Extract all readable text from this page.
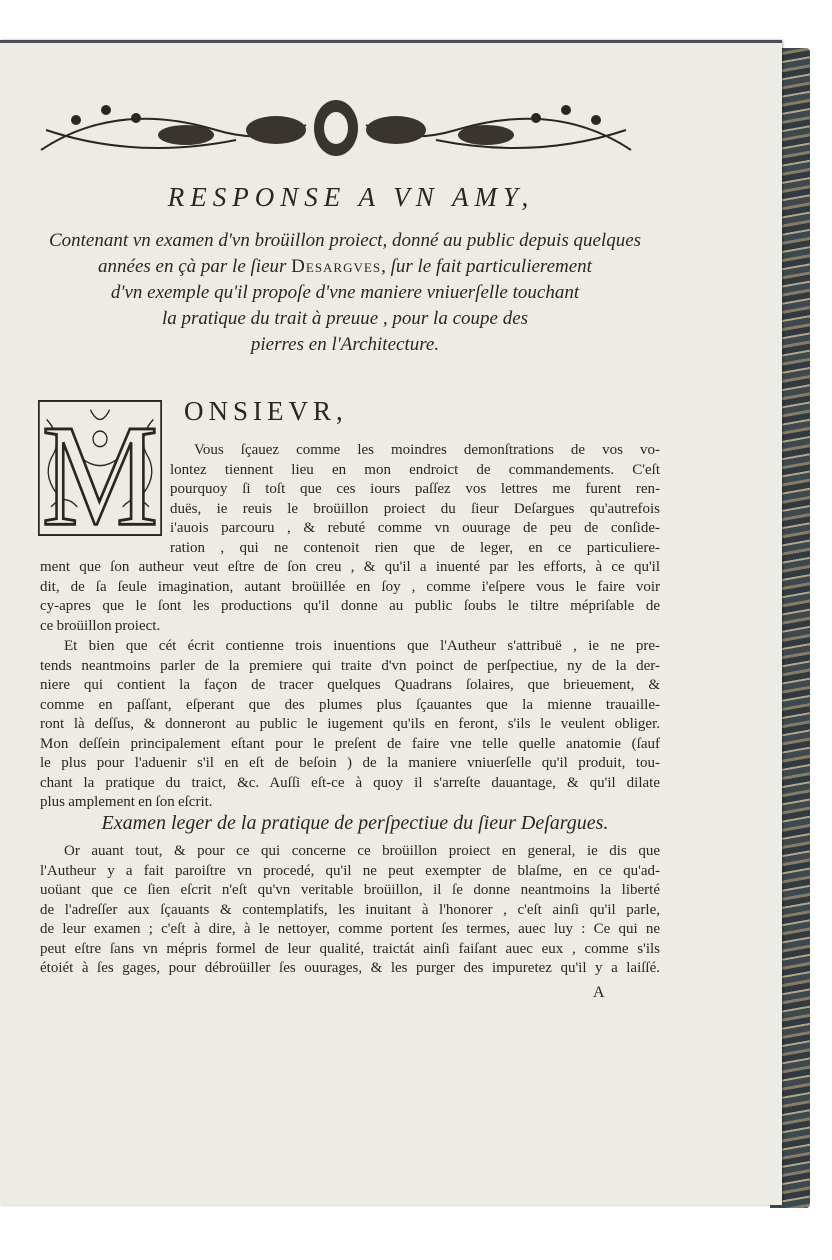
RESPONSE A VN AMY,
Contenant vn examen d'vn broüillon proiect, donné au public depuis quelques
années en çà par le ſieur Desargves, ſur le fait particulierement
d'vn exemple qu'il propoſe d'vne maniere vniuerſelle touchant
la pratique du trait à preuue , pour la coupe des
pierres en l'Architecture.
M ONSIEVR,
Vous ſçauez comme les moindres demonſtrations de vos vo-
lontez tiennent lieu en mon endroict de commandements. C'eſt
pourquoy ſi toſt que ces iours paſſez vos lettres me furent ren-
duës, ie reuis le broüillon proiect du ſieur Deſargues qu'autrefois
i'auois parcouru , & rebuté comme vn ouurage de peu de conſide-
ration , qui ne contenoit rien que de leger, en ce particuliere-
ment que ſon autheur veut eſtre de ſon creu , & qu'il a inuenté par les efforts, à ce qu'il
dit, de ſa ſeule imagination, autant broüillée en ſoy , comme i'eſpere vous le faire voir
cy-apres que le ſont les productions qu'il donne au public ſoubs le tiltre mépriſable de
ce broüillon proiect.
Et bien que cét écrit contienne trois inuentions que l'Autheur s'attribuë , ie ne pre-
tends neantmoins parler de la premiere qui traite d'vn poinct de perſpectiue, ny de la der-
niere qui contient la façon de tracer quelques Quadrans ſolaires, que brieuement, &
comme en paſſant, eſperant que des plumes plus ſçauantes que la mienne trauaille-
ront là deſſus, & donneront au public le iugement qu'ils en feront, s'ils le veulent obliger.
Mon deſſein principalement eſtant pour le preſent de faire vne telle quelle anatomie (ſauf
le plus pour l'aduenir s'il en eſt de beſoin ) de la maniere vniuerſelle qu'il produit, tou-
chant la pratique du traict, &c. Auſſi eſt-ce à quoy il s'arreſte dauantage, & qu'il dilate
plus amplement en ſon eſcrit.
Examen leger de la pratique de perſpectiue du ſieur Deſargues.
Or auant tout, & pour ce qui concerne ce broüillon proiect en general, ie dis que
l'Autheur y a fait paroiſtre vn procedé, qu'il ne peut exempter de blaſme, en ce qu'ad-
uoüant que ce ſien eſcrit n'eſt qu'vn veritable broüillon, il ſe donne neantmoins la liberté
de l'adreſſer aux ſçauants & contemplatifs, les inuitant à l'honorer , c'eſt ainſi qu'il parle,
de leur examen ; c'eſt à dire, à le nettoyer, comme portent ſes termes, auec luy : Ce qui ne
peut eſtre ſans vn mépris formel de leur qualité, traictát ainſi faiſant auec eux , comme s'ils
étoiét à ſes gages, pour débroüiller ſes ouurages, & les purger des impuretez qu'il y a laiſſé.
A
